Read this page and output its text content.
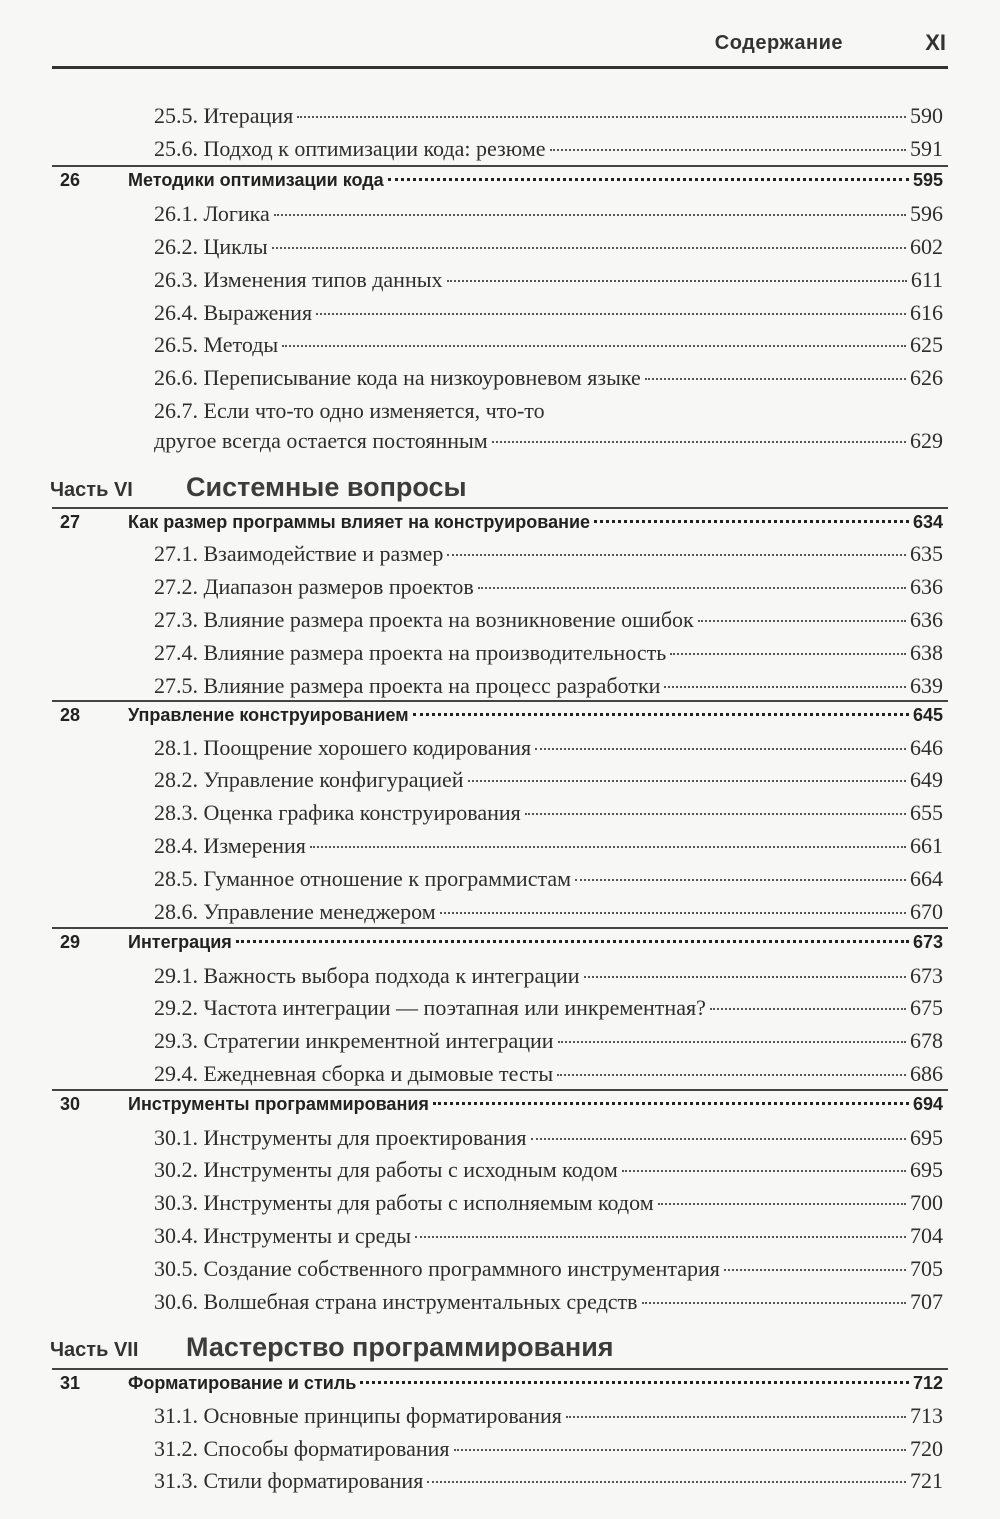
Содержание	XI
25.5. Итерация	590
25.6. Подход к оптимизации кода: резюме	591
26	Методики оптимизации кода	595
26.1. Логика	596
26.2. Циклы	602
26.3. Изменения типов данных	611
26.4. Выражения	616
26.5. Методы	625
26.6. Переписывание кода на низкоуровневом языке	626
26.7. Если что-то одно изменяется, что-то
другое всегда остается постоянным	629
Часть VI	Системные вопросы
27	Как размер программы влияет на конструирование	634
27.1. Взаимодействие и размер	635
27.2. Диапазон размеров проектов	636
27.3. Влияние размера проекта на возникновение ошибок	636
27.4. Влияние размера проекта на производительность	638
27.5. Влияние размера проекта на процесс разработки	639
28	Управление конструированием	645
28.1. Поощрение хорошего кодирования	646
28.2. Управление конфигурацией	649
28.3. Оценка графика конструирования	655
28.4. Измерения	661
28.5. Гуманное отношение к программистам	664
28.6. Управление менеджером	670
29	Интеграция	673
29.1. Важность выбора подхода к интеграции	673
29.2. Частота интеграции — поэтапная или инкрементная?	675
29.3. Стратегии инкрементной интеграции	678
29.4. Ежедневная сборка и дымовые тесты	686
30	Инструменты программирования	694
30.1. Инструменты для проектирования	695
30.2. Инструменты для работы с исходным кодом	695
30.3. Инструменты для работы с исполняемым кодом	700
30.4. Инструменты и среды	704
30.5. Создание собственного программного инструментария	705
30.6. Волшебная страна инструментальных средств	707
Часть VII	Мастерство программирования
31	Форматирование и стиль	712
31.1. Основные принципы форматирования	713
31.2. Способы форматирования	720
31.3. Стили форматирования	721
